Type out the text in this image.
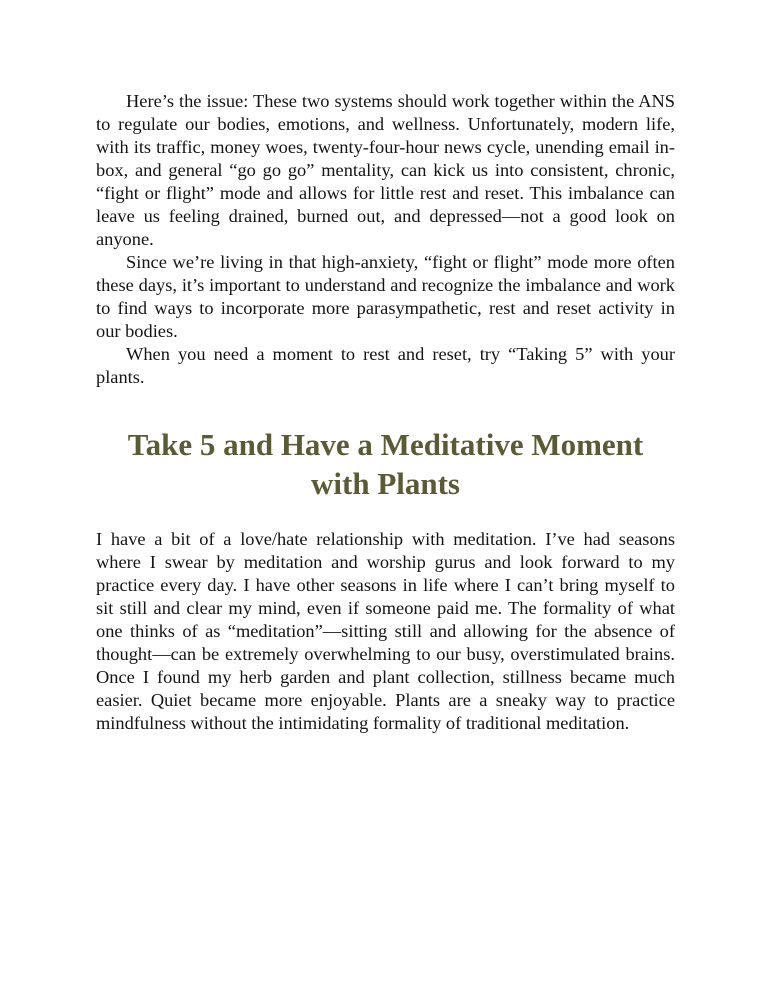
Here’s the issue: These two systems should work together within the ANS to regulate our bodies, emotions, and wellness. Unfortunately, modern life, with its traffic, money woes, twenty-four-hour news cycle, unending email in-box, and general “go go go” mentality, can kick us into consistent, chronic, “fight or flight” mode and allows for little rest and reset. This imbalance can leave us feeling drained, burned out, and depressed—not a good look on anyone.

Since we’re living in that high-anxiety, “fight or flight” mode more often these days, it’s important to understand and recognize the imbalance and work to find ways to incorporate more parasympathetic, rest and reset activity in our bodies.

When you need a moment to rest and reset, try “Taking 5” with your plants.

Take 5 and Have a Meditative Moment
with Plants

I have a bit of a love/hate relationship with meditation. I’ve had seasons where I swear by meditation and worship gurus and look forward to my practice every day. I have other seasons in life where I can’t bring myself to sit still and clear my mind, even if someone paid me. The formality of what one thinks of as “meditation”—sitting still and allowing for the absence of thought—can be extremely overwhelming to our busy, overstimulated brains. Once I found my herb garden and plant collection, stillness became much easier. Quiet became more enjoyable. Plants are a sneaky way to practice mindfulness without the intimidating formality of traditional meditation.
